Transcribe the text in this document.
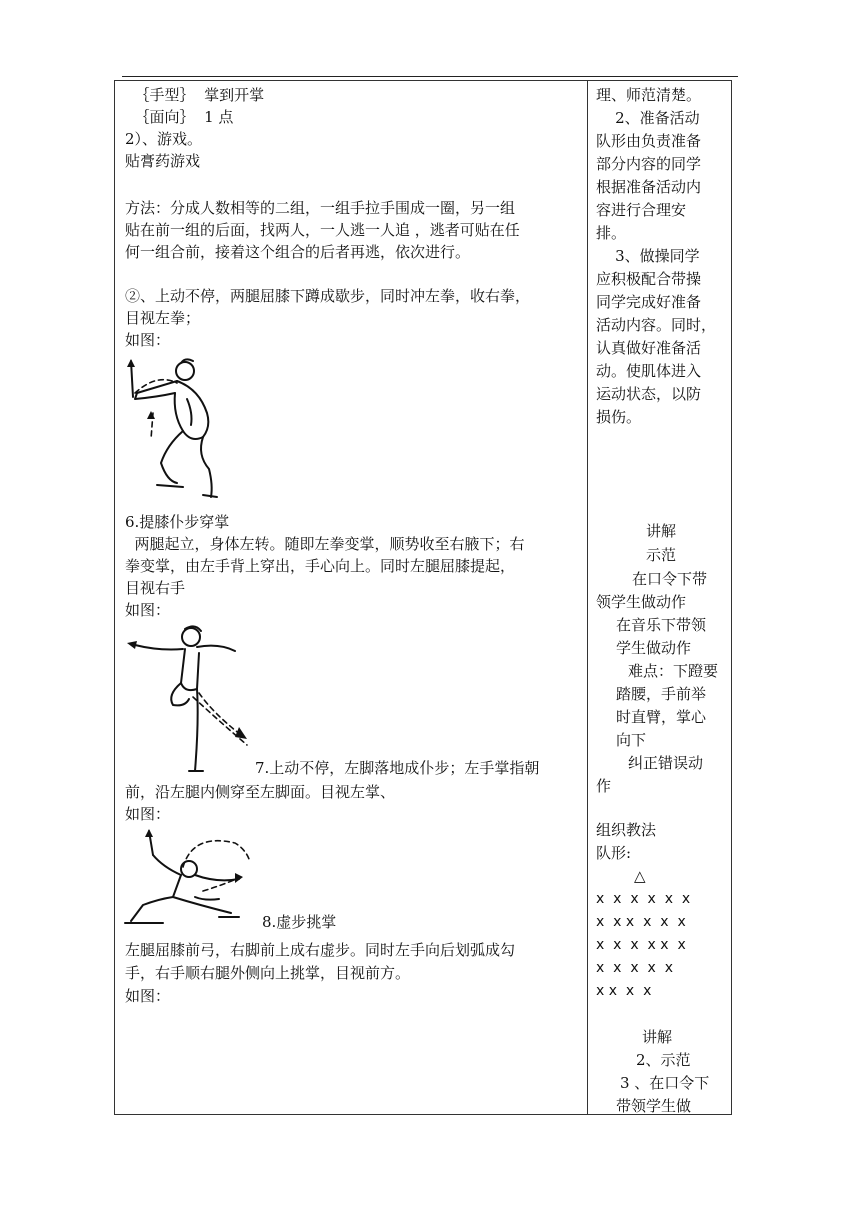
｛手型｝  掌到开掌
｛面向｝  1 点
2）、游戏。
贴膏药游戏
方法：分成人数相等的二组，一组手拉手围成一圈，另一组
贴在前一组的后面，找两人，一人逃一人追 ，逃者可贴在任
何一组合前，接着这个组合的后者再逃，依次进行。
②、上动不停，两腿屈膝下蹲成歇步，同时冲左拳，收右拳，
目视左拳；
如图：
6.提膝仆步穿掌
两腿起立，身体左转。随即左拳变掌，顺势收至右腋下；右
拳变掌，由左手背上穿出，手心向上。同时左腿屈膝提起，
目视右手
如图：
7.上动不停，左脚落地成仆步；左手掌指朝
前，沿左腿内侧穿至左脚面。目视左掌、
如图：
8.虚步挑掌
左腿屈膝前弓，右脚前上成右虚步。同时左手向后划弧成勾
手，右手顺右腿外侧向上挑掌，目视前方。
如图：
理、师范清楚。
2、准备活动
队形由负责准备
部分内容的同学
根据准备活动内
容进行合理安
排。
3、做操同学
应积极配合带操
同学完成好准备
活动内容。同时，
认真做好准备活
动。使肌体进入
运动状态，以防
损伤。
讲解
示范
在口令下带
领学生做动作
在音乐下带领
学生做动作
难点：下蹬要
踏腰，手前举
时直臂，掌心
向下
纠正错误动
作
组织教法
队形:
△
x  x  x  x  x  x
x  x x  x  x  x
x  x  x  x x  x
x  x  x  x  x
x x  x  x
讲解
2、示范
3 、在口令下
带领学生做
